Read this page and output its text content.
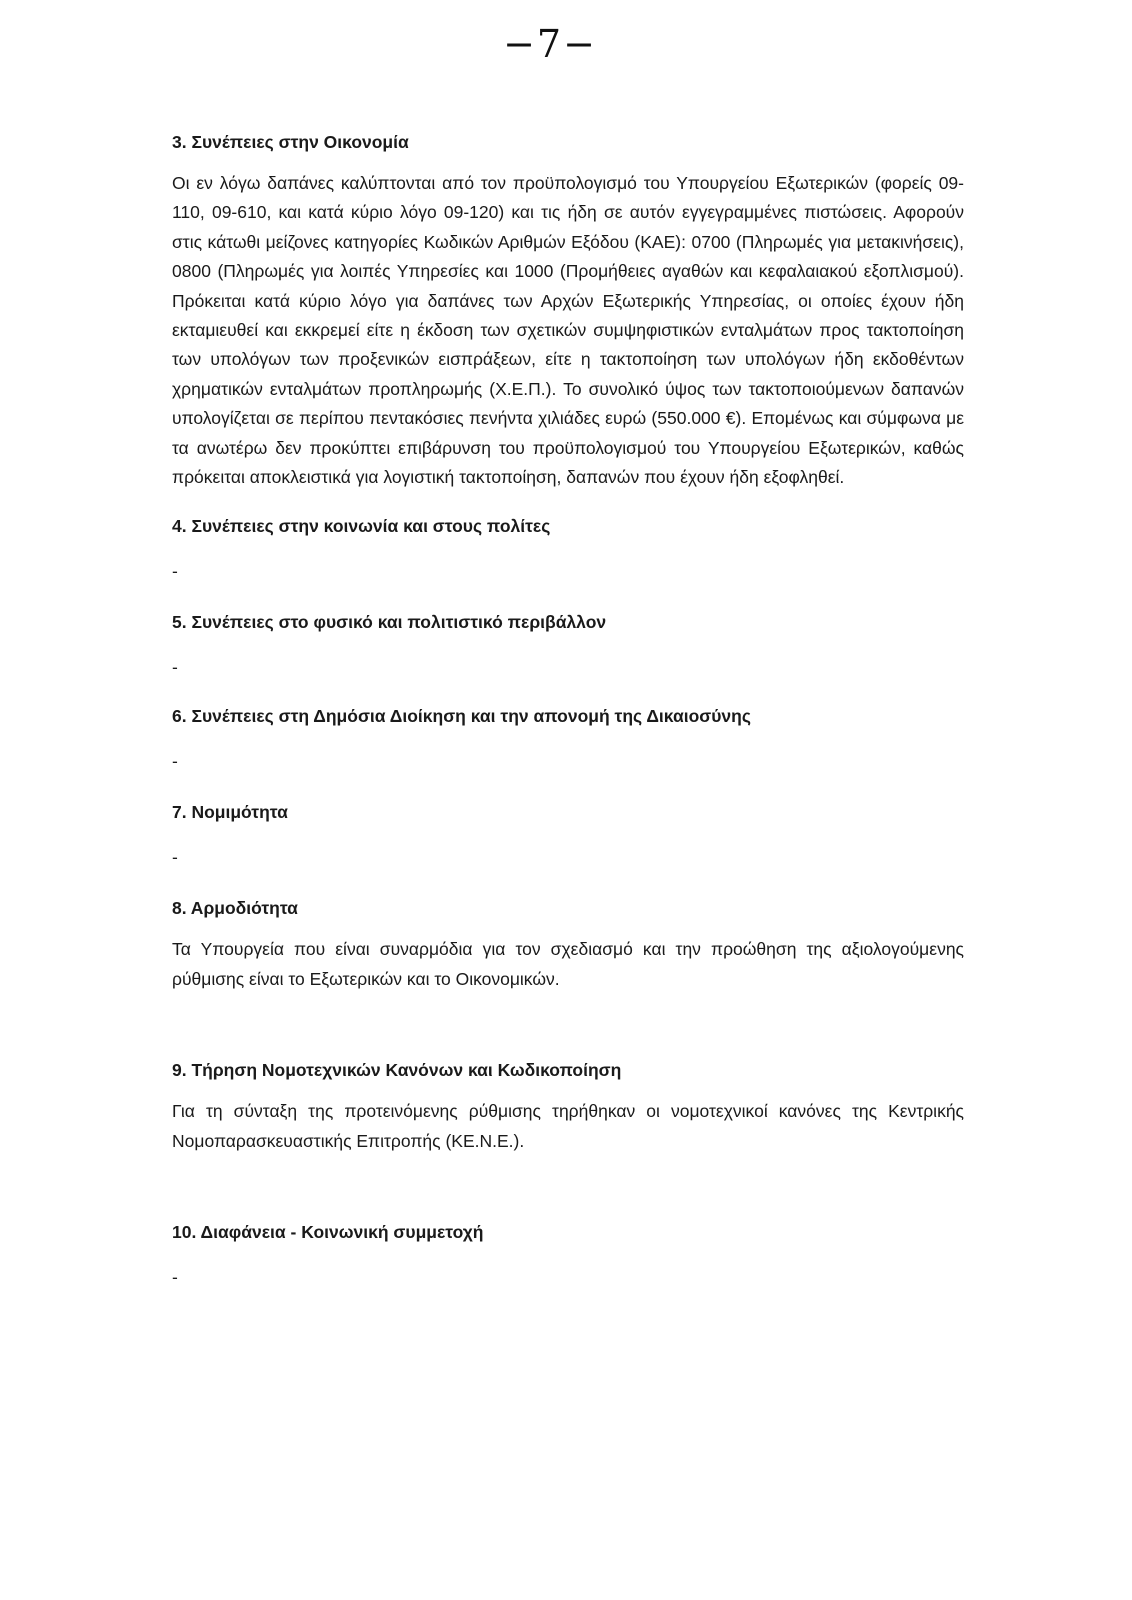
−7−

3. Συνέπειες στην Οικονομία

Οι εν λόγω δαπάνες καλύπτονται από τον προϋπολογισμό του Υπουργείου Εξωτερικών (φορείς 09-110, 09-610, και κατά κύριο λόγο 09-120) και τις ήδη σε αυτόν εγγεγραμμένες πιστώσεις. Αφορούν στις κάτωθι μείζονες κατηγορίες Κωδικών Αριθμών Εξόδου (ΚΑΕ): 0700 (Πληρωμές για μετακινήσεις), 0800 (Πληρωμές για λοιπές Υπηρεσίες και 1000 (Προμήθειες αγαθών και κεφαλαιακού εξοπλισμού). Πρόκειται κατά κύριο λόγο για δαπάνες των Αρχών Εξωτερικής Υπηρεσίας, οι οποίες έχουν ήδη εκταμιευθεί και εκκρεμεί είτε η έκδοση των σχετικών συμψηφιστικών ενταλμάτων προς τακτοποίηση των υπολόγων των προξενικών εισπράξεων, είτε η τακτοποίηση των υπολόγων ήδη εκδοθέντων χρηματικών ενταλμάτων προπληρωμής (Χ.Ε.Π.). Το συνολικό ύψος των τακτοποιούμενων δαπανών υπολογίζεται σε περίπου πεντακόσιες πενήντα χιλιάδες ευρώ (550.000 €). Επομένως και σύμφωνα με τα ανωτέρω δεν προκύπτει επιβάρυνση του προϋπολογισμού του Υπουργείου Εξωτερικών, καθώς πρόκειται αποκλειστικά για λογιστική τακτοποίηση, δαπανών που έχουν ήδη εξοφληθεί.

4. Συνέπειες στην κοινωνία και στους πολίτες

-

5. Συνέπειες στο φυσικό και πολιτιστικό περιβάλλον

-

6. Συνέπειες στη Δημόσια Διοίκηση και την απονομή της Δικαιοσύνης

-

7. Νομιμότητα

-

8. Αρμοδιότητα

Τα Υπουργεία που είναι συναρμόδια για τον σχεδιασμό και την προώθηση της αξιολογούμενης ρύθμισης είναι το Εξωτερικών και το Οικονομικών.

9. Τήρηση Νομοτεχνικών Κανόνων και Κωδικοποίηση

Για τη σύνταξη της προτεινόμενης ρύθμισης τηρήθηκαν οι νομοτεχνικοί κανόνες της Κεντρικής Νομοπαρασκευαστικής Επιτροπής (ΚΕ.Ν.Ε.).

10. Διαφάνεια - Κοινωνική συμμετοχή

-
